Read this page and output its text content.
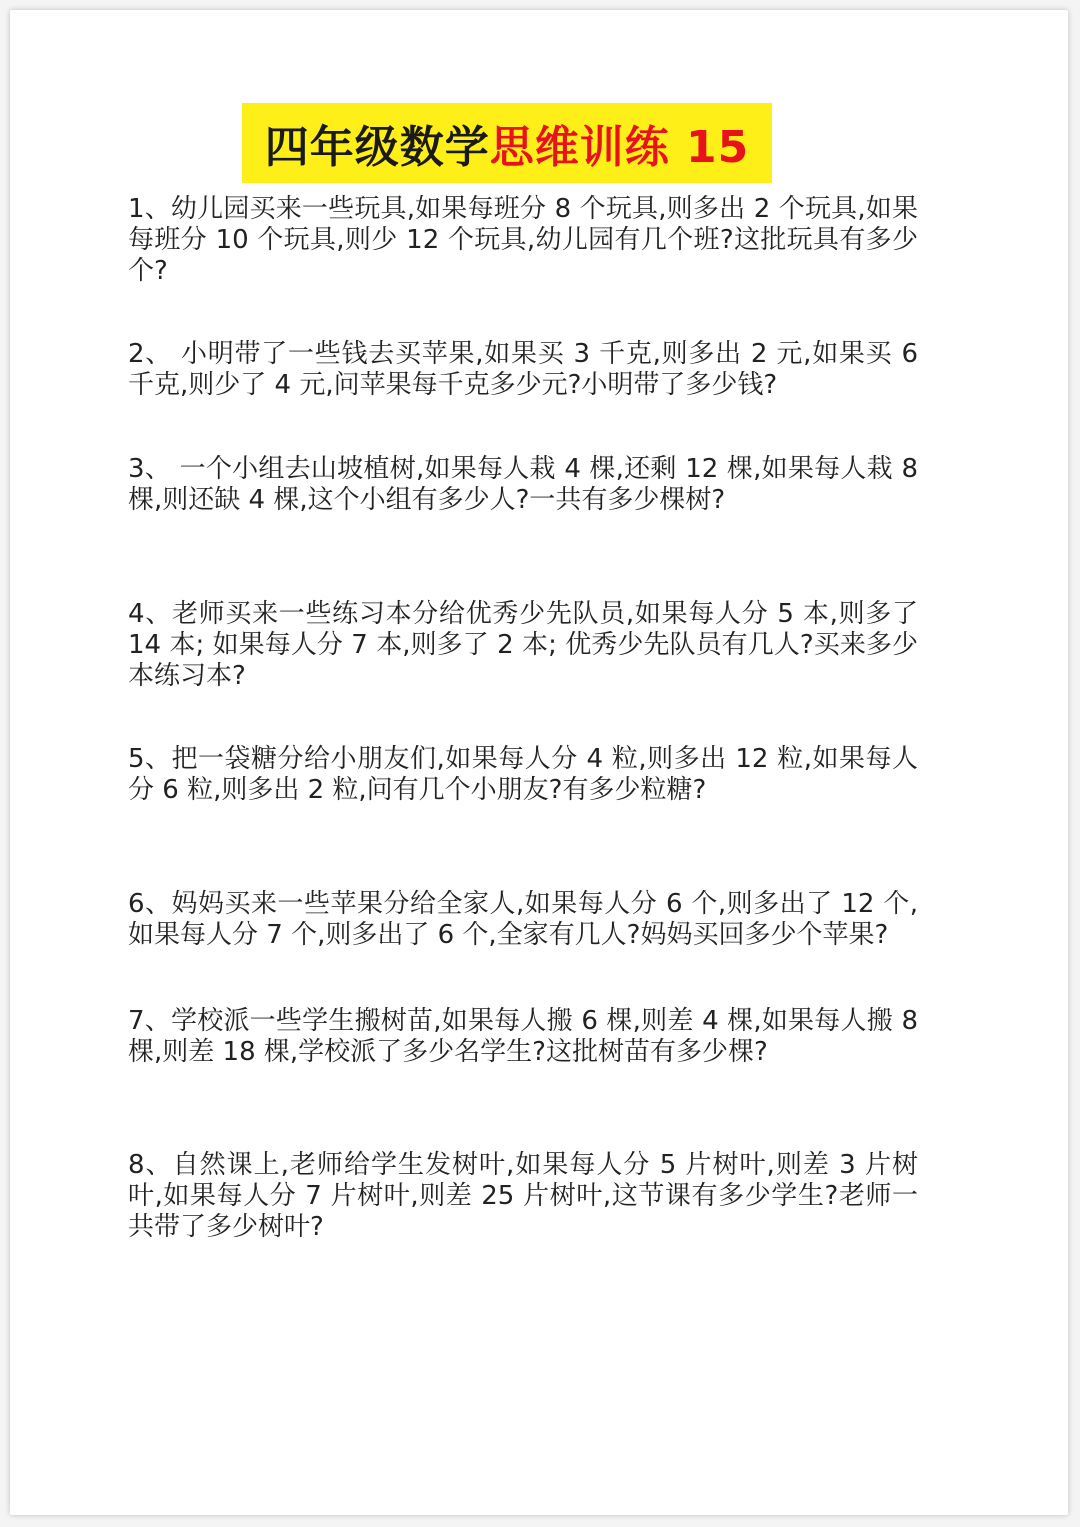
四年级数学 思维训练 15

1、幼儿园买来一些玩具,如果每班分 8 个玩具,则多出 2 个玩具,如果每班分 10 个玩具,则少 12 个玩具,幼儿园有几个班?这批玩具有多少个?

2、 小明带了一些钱去买苹果,如果买 3 千克,则多出 2 元,如果买 6 千克,则少了 4 元,问苹果每千克多少元?小明带了多少钱?

3、 一个小组去山坡植树,如果每人栽 4 棵,还剩 12 棵,如果每人栽 8 棵,则还缺 4 棵,这个小组有多少人?一共有多少棵树?

4、老师买来一些练习本分给优秀少先队员,如果每人分 5 本,则多了 14 本; 如果每人分 7 本,则多了 2 本; 优秀少先队员有几人?买来多少本练习本?

5、把一袋糖分给小朋友们,如果每人分 4 粒,则多出 12 粒,如果每人分 6 粒,则多出 2 粒,问有几个小朋友?有多少粒糖?

6、妈妈买来一些苹果分给全家人,如果每人分 6 个,则多出了 12 个,如果每人分 7 个,则多出了 6 个,全家有几人?妈妈买回多少个苹果?

7、学校派一些学生搬树苗,如果每人搬 6 棵,则差 4 棵,如果每人搬 8 棵,则差 18 棵,学校派了多少名学生?这批树苗有多少棵?

8、自然课上,老师给学生发树叶,如果每人分 5 片树叶,则差 3 片树叶,如果每人分 7 片树叶,则差 25 片树叶,这节课有多少学生?老师一共带了多少树叶?
